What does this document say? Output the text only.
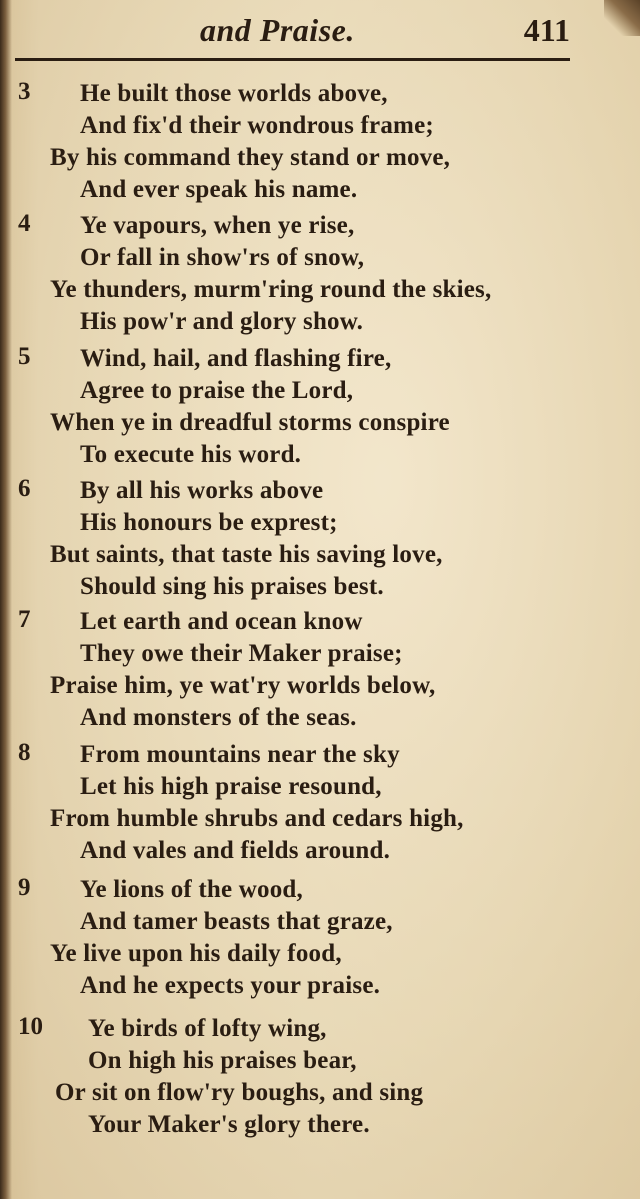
and Praise.	411
3 He built those worlds above,
And fix'd their wondrous frame;
By his command they stand or move,
And ever speak his name.
4 Ye vapours, when ye rise,
Or fall in show'rs of snow,
Ye thunders, murm'ring round the skies,
His pow'r and glory show.
5 Wind, hail, and flashing fire,
Agree to praise the Lord,
When ye in dreadful storms conspire
To execute his word.
6 By all his works above
His honours be exprest;
But saints, that taste his saving love,
Should sing his praises best.
7 Let earth and ocean know
They owe their Maker praise;
Praise him, ye wat'ry worlds below,
And monsters of the seas.
8 From mountains near the sky
Let his high praise resound,
From humble shrubs and cedars high,
And vales and fields around.
9 Ye lions of the wood,
And tamer beasts that graze,
Ye live upon his daily food,
And he expects your praise.
10 Ye birds of lofty wing,
On high his praises bear,
Or sit on flow'ry boughs, and sing
Your Maker's glory there.
